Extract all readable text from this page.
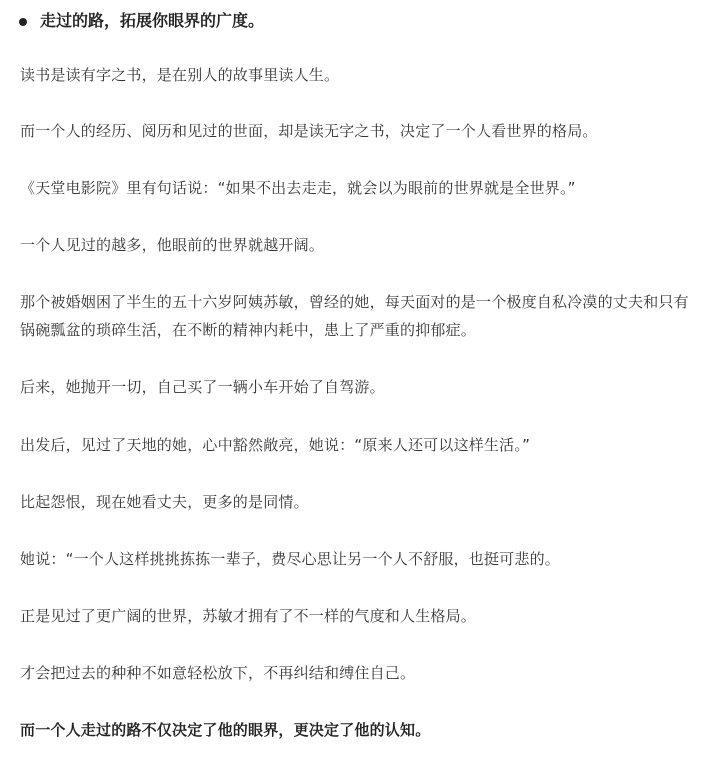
走过的路，拓展你眼界的广度。

读书是读有字之书，是在别人的故事里读人生。

而一个人的经历、阅历和见过的世面，却是读无字之书，决定了一个人看世界的格局。

《天堂电影院》里有句话说：“如果不出去走走，就会以为眼前的世界就是全世界。”

一个人见过的越多，他眼前的世界就越开阔。

那个被婚姻困了半生的五十六岁阿姨苏敏，曾经的她，每天面对的是一个极度自私冷漠的丈夫和只有锅碗瓢盆的琐碎生活，在不断的精神内耗中，患上了严重的抑郁症。

后来，她抛开一切，自己买了一辆小车开始了自驾游。

出发后，见过了天地的她，心中豁然敞亮，她说：“原来人还可以这样生活。”

比起怨恨，现在她看丈夫，更多的是同情。

她说：“一个人这样挑挑拣拣一辈子，费尽心思让另一个人不舒服，也挺可悲的。

正是见过了更广阔的世界，苏敏才拥有了不一样的气度和人生格局。

才会把过去的种种不如意轻松放下，不再纠结和缚住自己。

而一个人走过的路不仅决定了他的眼界，更决定了他的认知。
